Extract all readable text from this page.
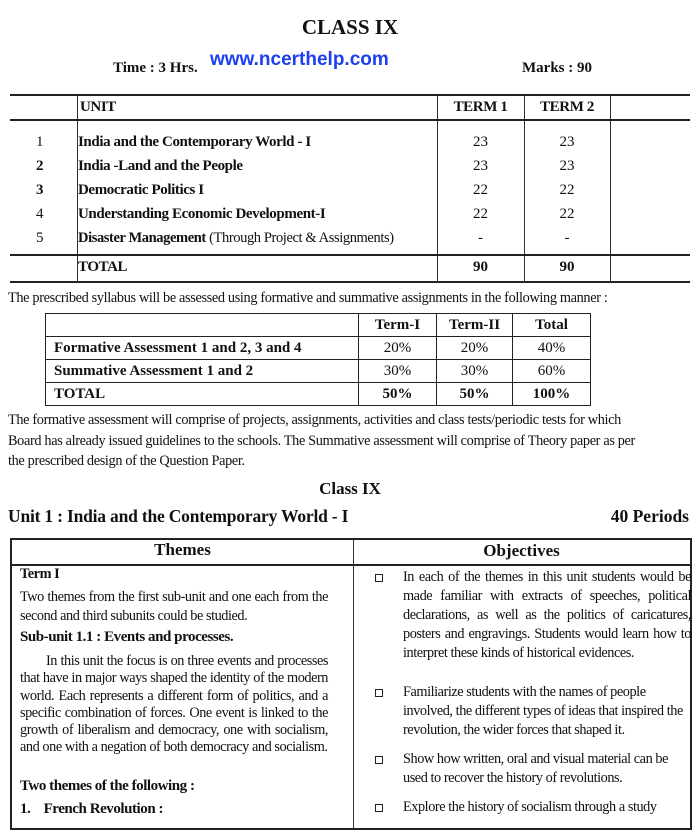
CLASS IX
Time : 3 Hrs. www.ncerthelp.com	Marks : 90
UNIT	TERM 1	TERM 2
1 India and the Contemporary World - I	23	23
2 India -Land and the People	23	23
3 Democratic Politics I	22	22
4 Understanding Economic Development-I	22	22
5 Disaster Management (Through Project & Assignments)	-	-
TOTAL	90	90
The prescribed syllabus will be assessed using formative and summative assignments in the following manner :
	Term-I	Term-II	Total
Formative Assessment 1 and 2, 3 and 4	20%	20%	40%
Summative Assessment 1 and 2	30%	30%	60%
TOTAL	50%	50%	100%
The formative assessment will comprise of projects, assignments, activities and class tests/periodic tests for which
Board has already issued guidelines to the schools. The Summative assessment will comprise of Theory paper as per
the prescribed design of the Question Paper.
Class IX
Unit 1 : India and the Contemporary World - I	40 Periods
Themes	Objectives
Term I
Two themes from the first sub-unit and one each from the second and third subunits could be studied.
Sub-unit 1.1 : Events and processes.
In this unit the focus is on three events and processes that have in major ways shaped the identity of the modern world. Each represents a different form of politics, and a specific combination of forces. One event is linked to the growth of liberalism and democracy, one with socialism, and one with a negation of both democracy and socialism.
Two themes of the following :
1. French Revolution :
In each of the themes in this unit students would be made familiar with extracts of speeches, political declarations, as well as the politics of caricatures, posters and engravings. Students would learn how to interpret these kinds of historical evidences.
Familiarize students with the names of people involved, the different types of ideas that inspired the revolution, the wider forces that shaped it.
Show how written, oral and visual material can be used to recover the history of revolutions.
Explore the history of socialism through a study
